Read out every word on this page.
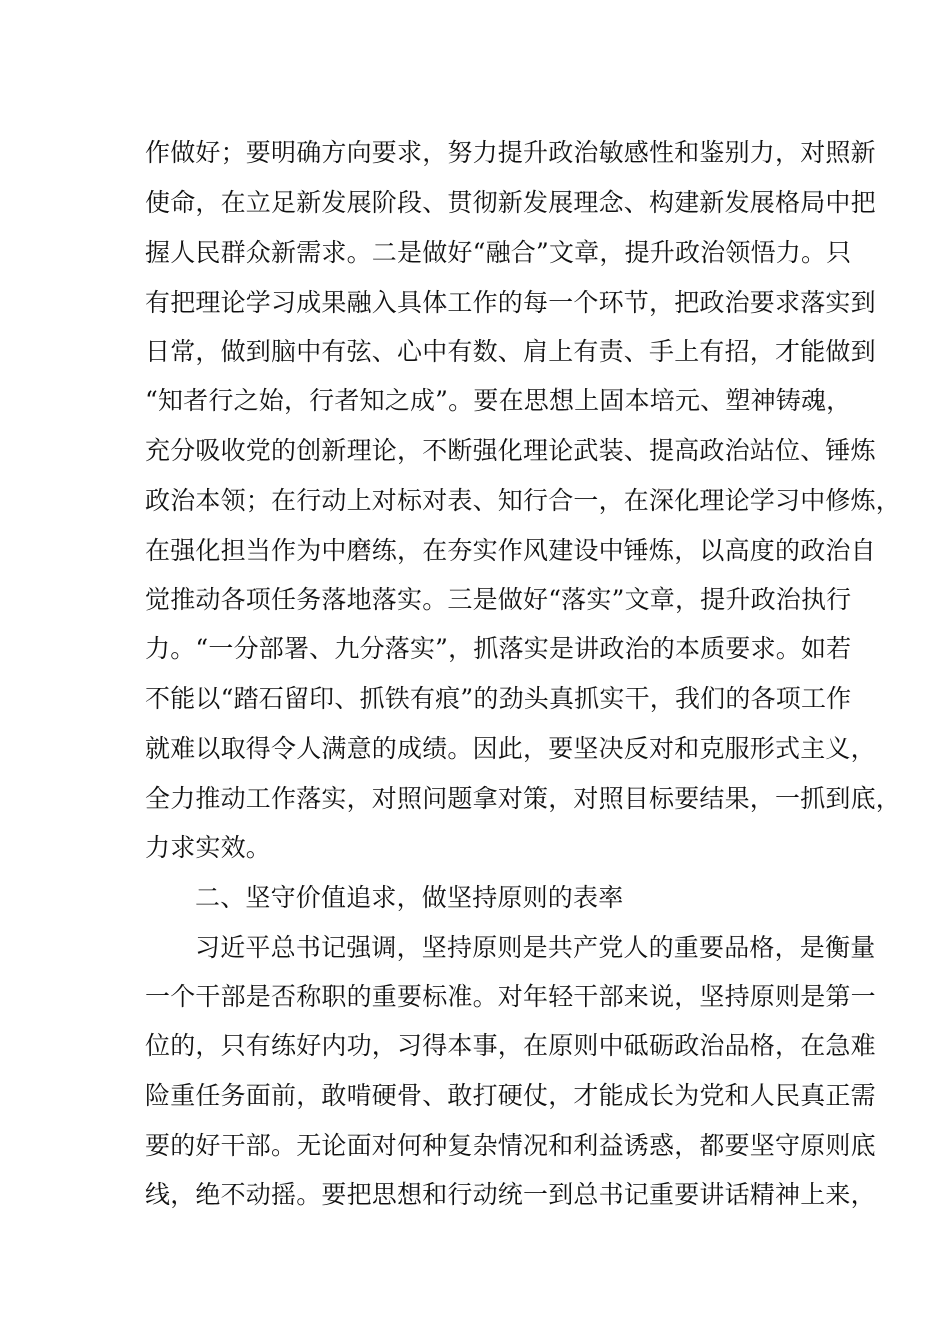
作做好；要明确方向要求，努力提升政治敏感性和鉴别力，对照新
使命，在立足新发展阶段、贯彻新发展理念、构建新发展格局中把
握人民群众新需求。二是做好“融合”文章，提升政治领悟力。只
有把理论学习成果融入具体工作的每一个环节，把政治要求落实到
日常，做到脑中有弦、心中有数、肩上有责、手上有招，才能做到
“知者行之始，行者知之成”。要在思想上固本培元、塑神铸魂，
充分吸收党的创新理论，不断强化理论武装、提高政治站位、锤炼
政治本领；在行动上对标对表、知行合一，在深化理论学习中修炼，
在强化担当作为中磨练，在夯实作风建设中锤炼，以高度的政治自
觉推动各项任务落地落实。三是做好“落实”文章，提升政治执行
力。“一分部署、九分落实”，抓落实是讲政治的本质要求。如若
不能以“踏石留印、抓铁有痕”的劲头真抓实干，我们的各项工作
就难以取得令人满意的成绩。因此，要坚决反对和克服形式主义，
全力推动工作落实，对照问题拿对策，对照目标要结果，一抓到底，
力求实效。
二、坚守价值追求，做坚持原则的表率
习近平总书记强调，坚持原则是共产党人的重要品格，是衡量
一个干部是否称职的重要标准。对年轻干部来说，坚持原则是第一
位的，只有练好内功，习得本事，在原则中砥砺政治品格，在急难
险重任务面前，敢啃硬骨、敢打硬仗，才能成长为党和人民真正需
要的好干部。无论面对何种复杂情况和利益诱惑，都要坚守原则底
线，绝不动摇。要把思想和行动统一到总书记重要讲话精神上来，
